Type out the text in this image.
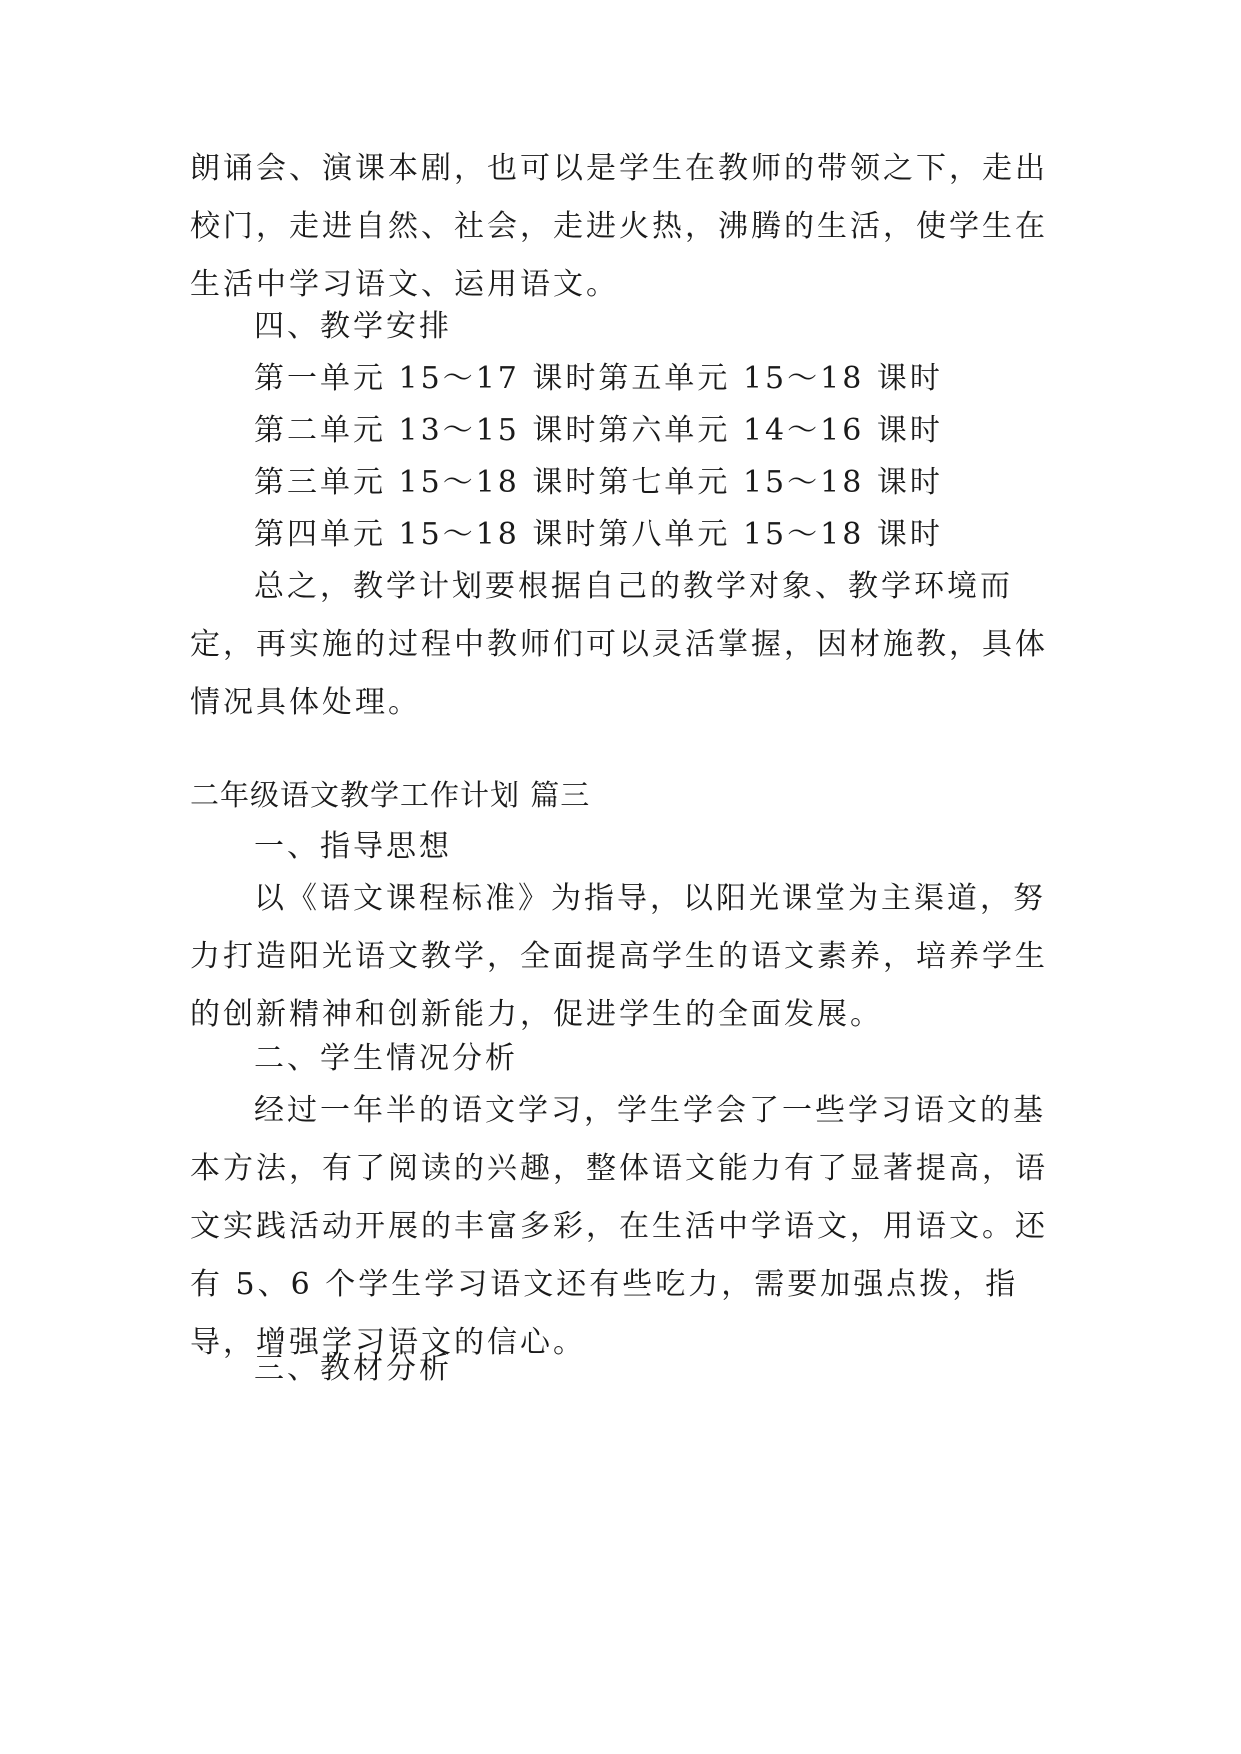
朗诵会、演课本剧，也可以是学生在教师的带领之下，走出校门，走进自然、社会，走进火热，沸腾的生活，使学生在生活中学习语文、运用语文。

四、教学安排

第一单元 15～17 课时第五单元 15～18 课时

第二单元 13～15 课时第六单元 14～16 课时

第三单元 15～18 课时第七单元 15～18 课时

第四单元 15～18 课时第八单元 15～18 课时

总之，教学计划要根据自己的教学对象、教学环境而定，再实施的过程中教师们可以灵活掌握，因材施教，具体情况具体处理。

二年级语文教学工作计划 篇三

一、指导思想

以《语文课程标准》为指导，以阳光课堂为主渠道，努力打造阳光语文教学，全面提高学生的语文素养，培养学生的创新精神和创新能力，促进学生的全面发展。

二、学生情况分析

经过一年半的语文学习，学生学会了一些学习语文的基本方法，有了阅读的兴趣，整体语文能力有了显著提高，语文实践活动开展的丰富多彩，在生活中学语文，用语文。还有 5、6 个学生学习语文还有些吃力，需要加强点拨，指导，增强学习语文的信心。

三、教材分析
